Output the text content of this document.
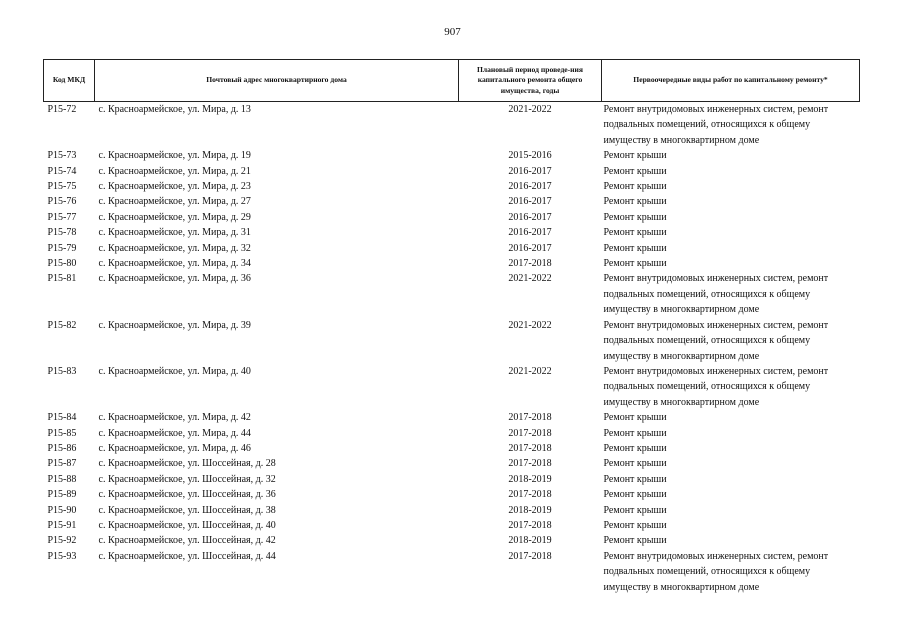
907
Код МКД	Почтовый адрес многоквартирного дома	Плановый период проведе-ния капитального ремонта общего имущества, годы	Первоочередные виды работ по капитальному ремонту*
P15-72	с. Красноармейское, ул. Мира, д. 13	2021-2022	Ремонт внутридомовых инженерных систем, ремонт подвальных помещений, относящихся к общему имуществу в многоквартирном доме
P15-73	с. Красноармейское, ул. Мира, д. 19	2015-2016	Ремонт крыши
P15-74	с. Красноармейское, ул. Мира, д. 21	2016-2017	Ремонт крыши
P15-75	с. Красноармейское, ул. Мира, д. 23	2016-2017	Ремонт крыши
P15-76	с. Красноармейское, ул. Мира, д. 27	2016-2017	Ремонт крыши
P15-77	с. Красноармейское, ул. Мира, д. 29	2016-2017	Ремонт крыши
P15-78	с. Красноармейское, ул. Мира, д. 31	2016-2017	Ремонт крыши
P15-79	с. Красноармейское, ул. Мира, д. 32	2016-2017	Ремонт крыши
P15-80	с. Красноармейское, ул. Мира, д. 34	2017-2018	Ремонт крыши
P15-81	с. Красноармейское, ул. Мира, д. 36	2021-2022	Ремонт внутридомовых инженерных систем, ремонт подвальных помещений, относящихся к общему имуществу в многоквартирном доме
P15-82	с. Красноармейское, ул. Мира, д. 39	2021-2022	Ремонт внутридомовых инженерных систем, ремонт подвальных помещений, относящихся к общему имуществу в многоквартирном доме
P15-83	с. Красноармейское, ул. Мира, д. 40	2021-2022	Ремонт внутридомовых инженерных систем, ремонт подвальных помещений, относящихся к общему имуществу в многоквартирном доме
P15-84	с. Красноармейское, ул. Мира, д. 42	2017-2018	Ремонт крыши
P15-85	с. Красноармейское, ул. Мира, д. 44	2017-2018	Ремонт крыши
P15-86	с. Красноармейское, ул. Мира, д. 46	2017-2018	Ремонт крыши
P15-87	с. Красноармейское, ул. Шоссейная, д. 28	2017-2018	Ремонт крыши
P15-88	с. Красноармейское, ул. Шоссейная, д. 32	2018-2019	Ремонт крыши
P15-89	с. Красноармейское, ул. Шоссейная, д. 36	2017-2018	Ремонт крыши
P15-90	с. Красноармейское, ул. Шоссейная, д. 38	2018-2019	Ремонт крыши
P15-91	с. Красноармейское, ул. Шоссейная, д. 40	2017-2018	Ремонт крыши
P15-92	с. Красноармейское, ул. Шоссейная, д. 42	2018-2019	Ремонт крыши
P15-93	с. Красноармейское, ул. Шоссейная, д. 44	2017-2018	Ремонт внутридомовых инженерных систем, ремонт подвальных помещений, относящихся к общему имуществу в многоквартирном доме
